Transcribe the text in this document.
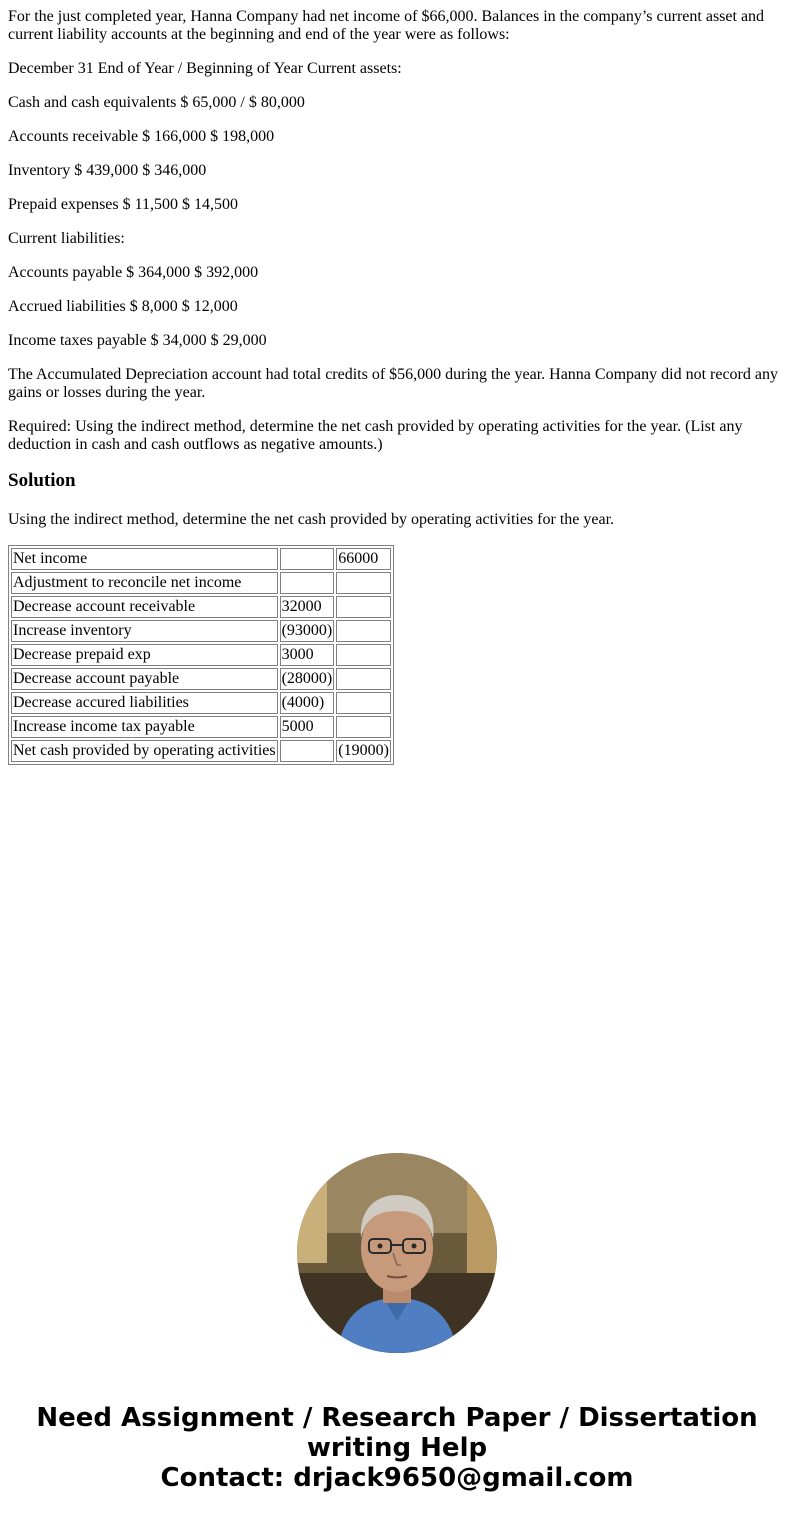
For the just completed year, Hanna Company had net income of $66,000. Balances in the company’s current asset and current liability accounts at the beginning and end of the year were as follows:

December 31 End of Year / Beginning of Year Current assets:

Cash and cash equivalents $ 65,000 / $ 80,000

Accounts receivable $ 166,000 $ 198,000

Inventory $ 439,000 $ 346,000

Prepaid expenses $ 11,500 $ 14,500

Current liabilities:

Accounts payable $ 364,000 $ 392,000

Accrued liabilities $ 8,000 $ 12,000

Income taxes payable $ 34,000 $ 29,000

The Accumulated Depreciation account had total credits of $56,000 during the year. Hanna Company did not record any gains or losses during the year.

Required: Using the indirect method, determine the net cash provided by operating activities for the year. (List any deduction in cash and cash outflows as negative amounts.)

Solution

Using the indirect method, determine the net cash provided by operating activities for the year.

Net income		66000
Adjustment to reconcile net income		
Decrease account receivable	32000	
Increase inventory	(93000)	
Decrease prepaid exp	3000	
Decrease account payable	(28000)	
Decrease accured liabilities	(4000)	
Increase income tax payable	5000	
Net cash provided by operating activities		(19000)
Need Assignment / Research Paper / Dissertation
writing Help
Contact: drjack9650@gmail.com
